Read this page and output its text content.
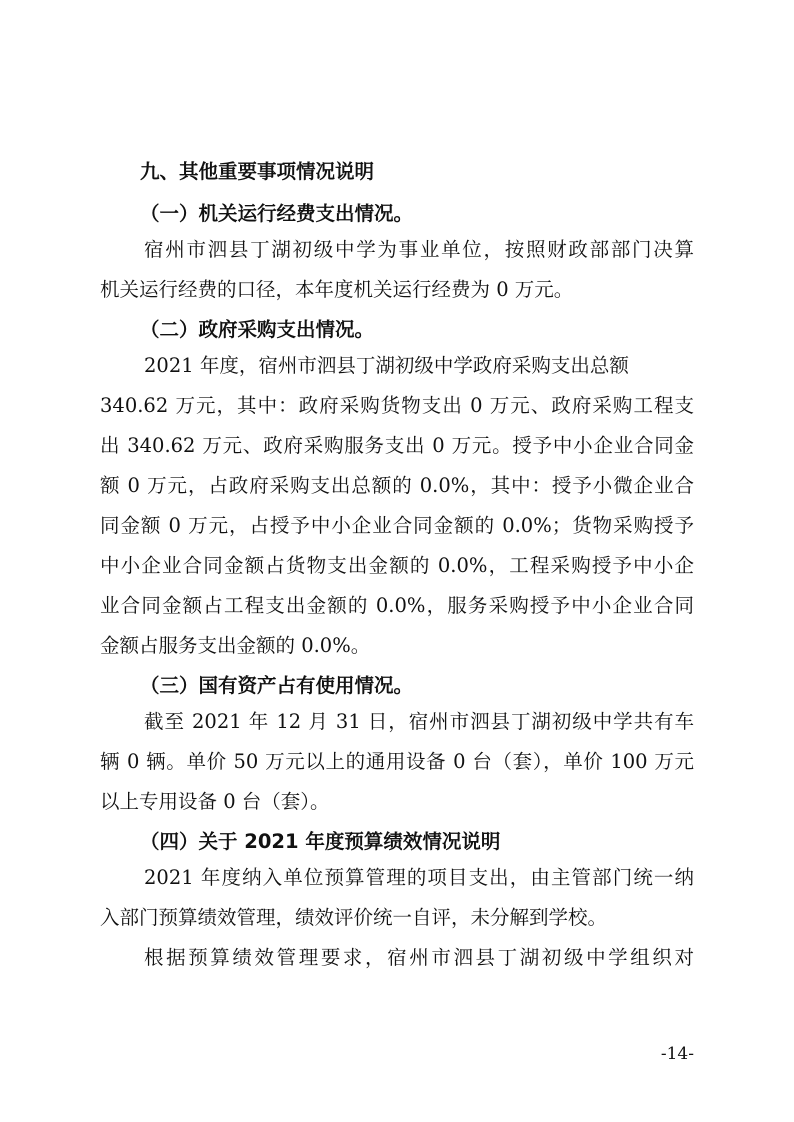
九、其他重要事项情况说明
（一）机关运行经费支出情况。
宿州市泗县丁湖初级中学为事业单位，按照财政部部门决算
机关运行经费的口径，本年度机关运行经费为 0 万元。
（二）政府采购支出情况。
2021 年度，宿州市泗县丁湖初级中学政府采购支出总额
340.62 万元，其中：政府采购货物支出 0 万元、政府采购工程支
出 340.62 万元、政府采购服务支出 0 万元。授予中小企业合同金
额 0 万元，占政府采购支出总额的 0.0%，其中：授予小微企业合
同金额 0 万元，占授予中小企业合同金额的 0.0%；货物采购授予
中小企业合同金额占货物支出金额的 0.0%，工程采购授予中小企
业合同金额占工程支出金额的 0.0%，服务采购授予中小企业合同
金额占服务支出金额的 0.0%。
（三）国有资产占有使用情况。
截至 2021 年 12 月 31 日，宿州市泗县丁湖初级中学共有车
辆 0 辆。单价 50 万元以上的通用设备 0 台（套），单价 100 万元
以上专用设备 0 台（套）。
（四）关于 2021 年度预算绩效情况说明
2021 年度纳入单位预算管理的项目支出，由主管部门统一纳
入部门预算绩效管理，绩效评价统一自评，未分解到学校。
根据预算绩效管理要求，宿州市泗县丁湖初级中学组织对
-14-
